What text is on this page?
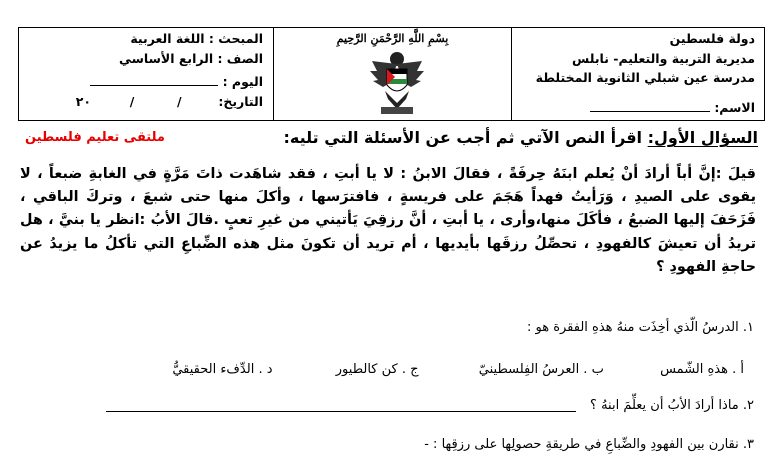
دولة فلسطين
مديرية التربية والتعليم- نابلس
مدرسة عين شبلي الثانوية المختلطة
الاسم:
بِسْمِ اللَّهِ الرَّحْمَنِ الرَّحِيمِ
المبحث : اللغة العربية
الصف : الرابع الأساسي
اليوم :
التاريخ:  /  /  ٢٠
السؤال الأول: اقرأ النص الآتي ثم أجب عن الأسئلة التي تليه:
ملتقى تعليم فلسطين
قيلَ :إنَّ أباً أرادَ أنْ يُعلم ابنَهُ حِرفَةً ، فقالَ الابنُ : لا يا أبتِ ، فقد شاهَدت ذاتَ مَرَّةٍ في الغابةِ ضبعاً ، لا يقوى على الصيدِ ، وَرَأيتُ فهداً هَجَمَ على فريسةٍ ، فافترَسها ، وأكلَ منها حتى شبعَ ، وتركَ الباقي ، فَزَحَفَ إليها الضبعُ ، فأكَلَ منها،وأرى ، يا أبتِ ، أنَّ رزقِيَ يَأتيني من غيرِ تعبٍ .قالَ الأبُ :انظر يا بنيَّ ، هل تريدُ أن تعيشَ كالفهودِ ، تحصِّلُ رزقَها بأيديها ، أم تريد أن تكونَ مثل هذه الضِّباعِ التي تأكلُ ما يزيدُ عن حاجةِ الفهودِ ؟
١. الدرسُ الّذي أخِذَت منهُ هذهِ الفقرة هو :
أ . هذهِ الشّمس  ب . العرسُ الفِلسطينيّ  ج . كن كالطيور  د . الدِّفء الحقيقيُّ
٢. ماذا أرادَ الأبُ أن يعلِّمَ ابنهُ ؟
٣. نقارن بين الفهودِ والضِّباعِ في طريقةِ حصولِها على رزقِها : -
